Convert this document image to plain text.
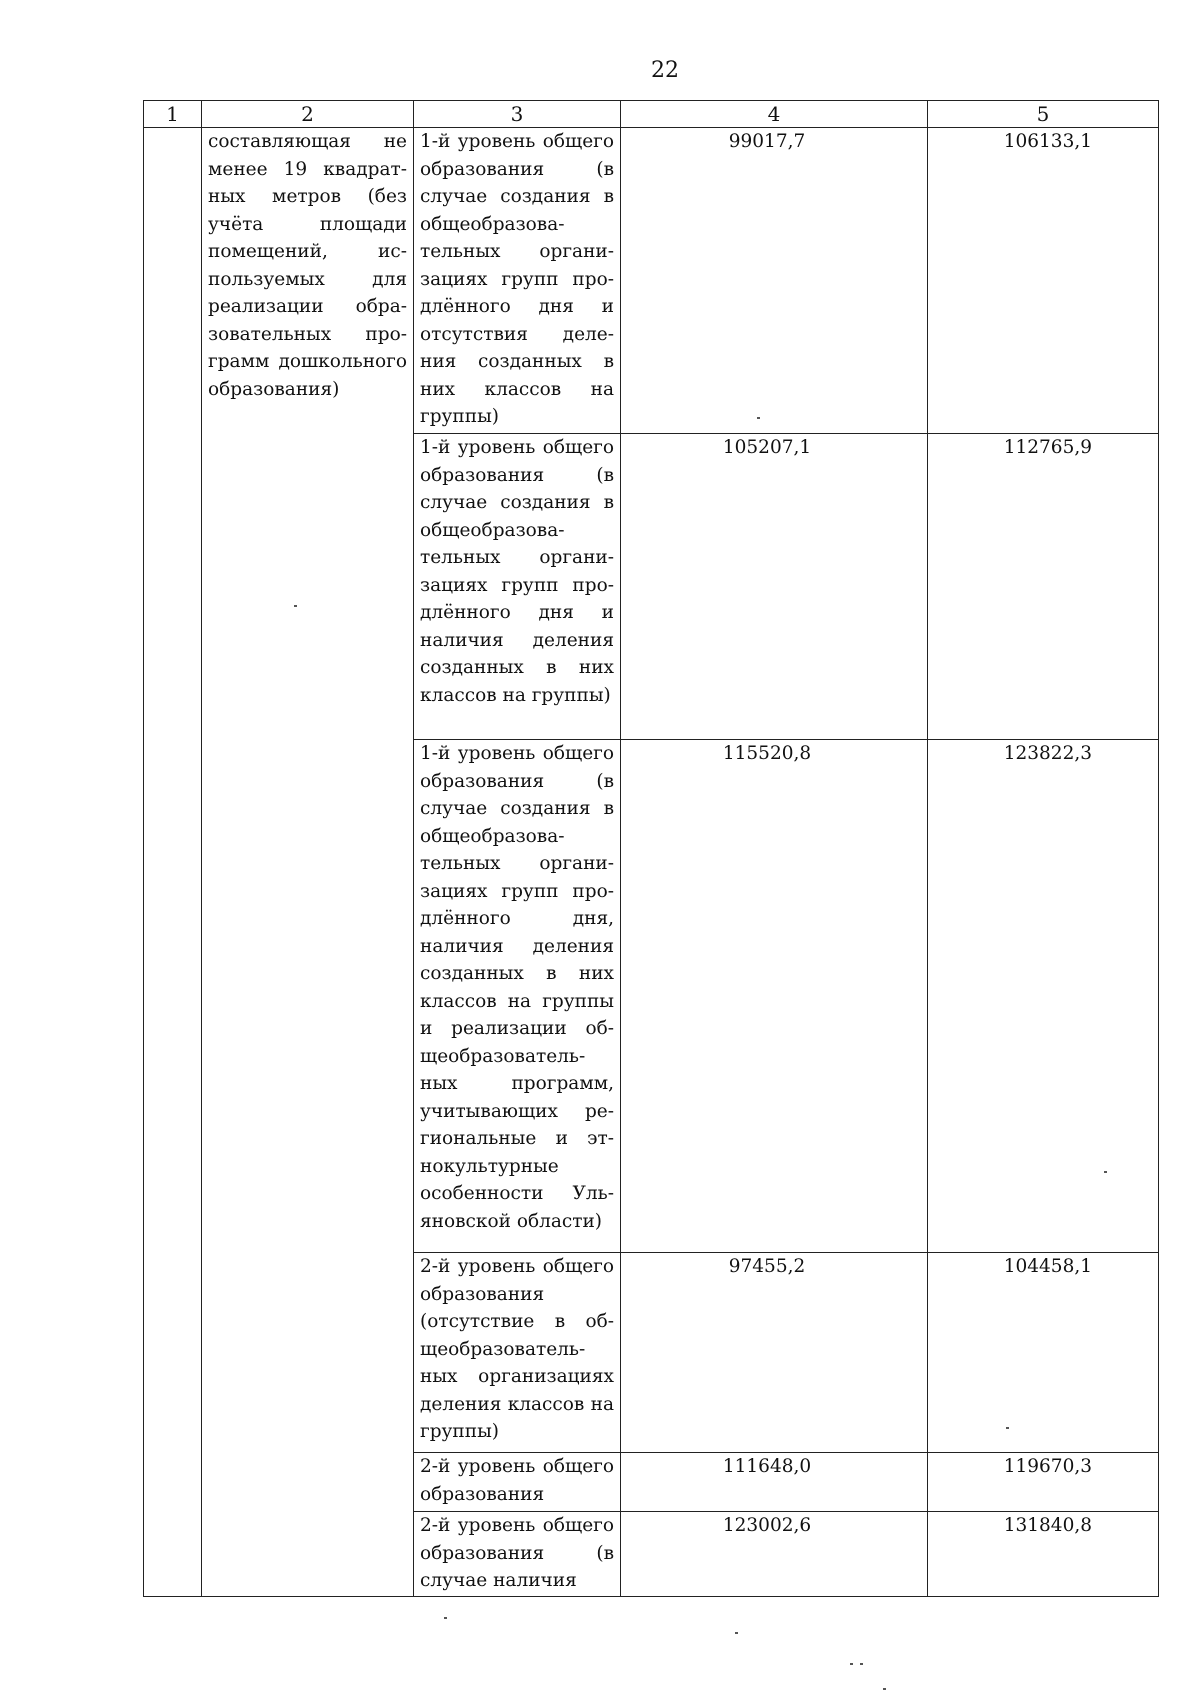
22
1	2	3	4	5
	составляющая не менее 19 квадратных метров (без учёта площади помещений, используемых для реализации образовательных программ дошкольного образования)	1-й уровень общего образования (в случае создания в общеобразовательных организациях групп продлённого дня и отсутствия деления созданных в них классов на группы)	99017,7	106133,1
		1-й уровень общего образования (в случае создания в общеобразовательных организациях групп продлённого дня и наличия деления созданных в них классов на группы)	105207,1	112765,9
		1-й уровень общего образования (в случае создания в общеобразовательных организациях групп продлённого дня, наличия деления созданных в них классов на группы и реализации общеобразовательных программ, учитывающих региональные и этнокультурные особенности Ульяновской области)	115520,8	123822,3
		2-й уровень общего образования (отсутствие в общеобразовательных организациях деления классов на группы)	97455,2	104458,1
		2-й уровень общего образования	111648,0	119670,3
		2-й уровень общего образования (в случае наличия	123002,6	131840,8
